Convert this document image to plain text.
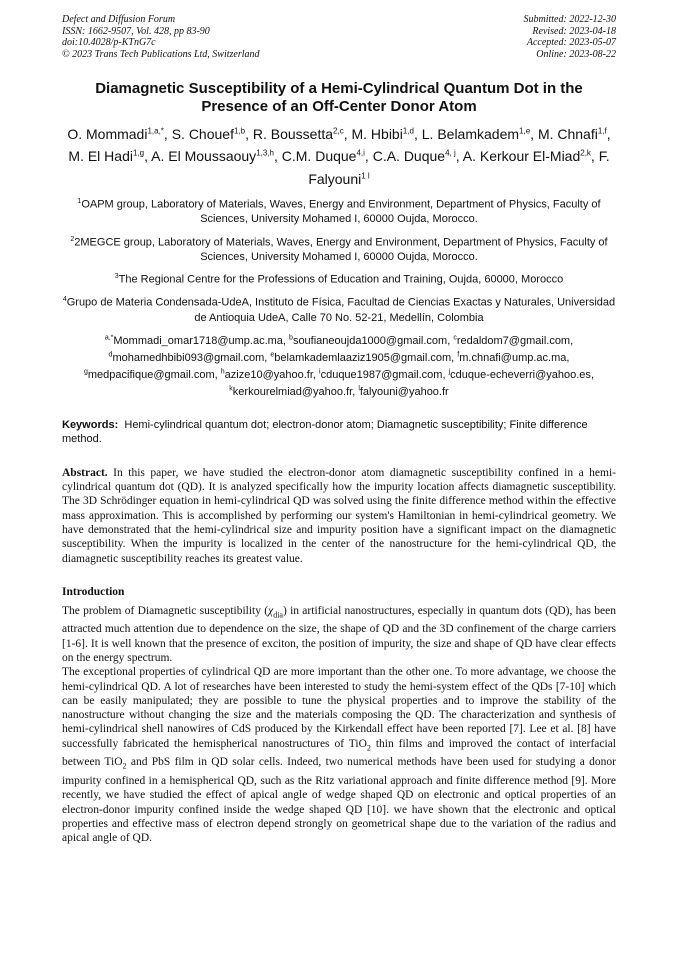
Defect and Diffusion Forum
ISSN: 1662-9507, Vol. 428, pp 83-90
doi:10.4028/p-KTnG7c
© 2023 Trans Tech Publications Ltd, Switzerland
Submitted: 2022-12-30
Revised: 2023-04-18
Accepted: 2023-05-07
Online: 2023-08-22
Diamagnetic Susceptibility of a Hemi-Cylindrical Quantum Dot in the Presence of an Off-Center Donor Atom
O. Mommadi$^{1,a,*}$, S. Chouef$^{1,b}$, R. Boussetta$^{2,c}$, M. Hbibi$^{1,d}$, L. Belamkadem$^{1,e}$, M. Chnafi$^{1,f}$, M. El Hadi$^{1,g}$, A. El Moussaouy$^{1,3,h}$, C.M. Duque$^{4,i}$, C.A. Duque$^{4, j}$, A. Kerkour El-Miad$^{2,k}$, F. Falyouni$^{1 l}$
$^1$OAPM group, Laboratory of Materials, Waves, Energy and Environment, Department of Physics, Faculty of Sciences, University Mohamed I, 60000 Oujda, Morocco.
$^2$2MEGCE group, Laboratory of Materials, Waves, Energy and Environment, Department of Physics, Faculty of Sciences, University Mohamed I, 60000 Oujda, Morocco.
$^3$The Regional Centre for the Professions of Education and Training, Oujda, 60000, Morocco
$^4$Grupo de Materia Condensada-UdeA, Instituto de Física, Facultad de Ciencias Exactas y Naturales, Universidad de Antioquia UdeA, Calle 70 No. 52-21, Medellín, Colombia
$^{a,*}$Mommadi_omar1718@ump.ac.ma, $^b$soufianeoujda1000@gmail.com, $^c$redaldom7@gmail.com, $^d$mohamedhbibi093@gmail.com, $^e$belamkademlaaziz1905@gmail.com, $^f$m.chnafi@ump.ac.ma, $^g$medpacifique@gmail.com, $^h$azize10@yahoo.fr, $^i$cduque1987@gmail.com, $^j$cduque-echeverri@yahoo.es, $^k$kerkourelmiad@yahoo.fr, $^l$falyouni@yahoo.fr
Keywords: Hemi-cylindrical quantum dot; electron-donor atom; Diamagnetic susceptibility; Finite difference method.
Abstract. In this paper, we have studied the electron-donor atom diamagnetic susceptibility confined in a hemi-cylindrical quantum dot (QD). It is analyzed specifically how the impurity location affects diamagnetic susceptibility. The 3D Schrödinger equation in hemi-cylindrical QD was solved using the finite difference method within the effective mass approximation. This is accomplished by performing our system's Hamiltonian in hemi-cylindrical geometry. We have demonstrated that the hemi-cylindrical size and impurity position have a significant impact on the diamagnetic susceptibility. When the impurity is localized in the center of the nanostructure for the hemi-cylindrical QD, the diamagnetic susceptibility reaches its greatest value.
Introduction
The problem of Diamagnetic susceptibility $(\chi_{dia})$ in artificial nanostructures, especially in quantum dots (QD), has been attracted much attention due to dependence on the size, the shape of QD and the 3D confinement of the charge carriers [1-6]. It is well known that the presence of exciton, the position of impurity, the size and shape of QD have clear effects on the energy spectrum.
The exceptional properties of cylindrical QD are more important than the other one. To more advantage, we choose the hemi-cylindrical QD. A lot of researches have been interested to study the hemi-system effect of the QDs [7-10] which can be easily manipulated; they are possible to tune the physical properties and to improve the stability of the nanostructure without changing the size and the materials composing the QD. The characterization and synthesis of hemi-cylindrical shell nanowires of CdS produced by the Kirkendall effect have been reported [7]. Lee et al. [8] have successfully fabricated the hemispherical nanostructures of TiO$_2$ thin films and improved the contact of interfacial between TiO$_2$ and PbS film in QD solar cells. Indeed, two numerical methods have been used for studying a donor impurity confined in a hemispherical QD, such as the Ritz variational approach and finite difference method [9]. More recently, we have studied the effect of apical angle of wedge shaped QD on electronic and optical properties of an electron-donor impurity confined inside the wedge shaped QD [10]. we have shown that the electronic and optical properties and effective mass of electron depend strongly on geometrical shape due to the variation of the radius and apical angle of QD.
